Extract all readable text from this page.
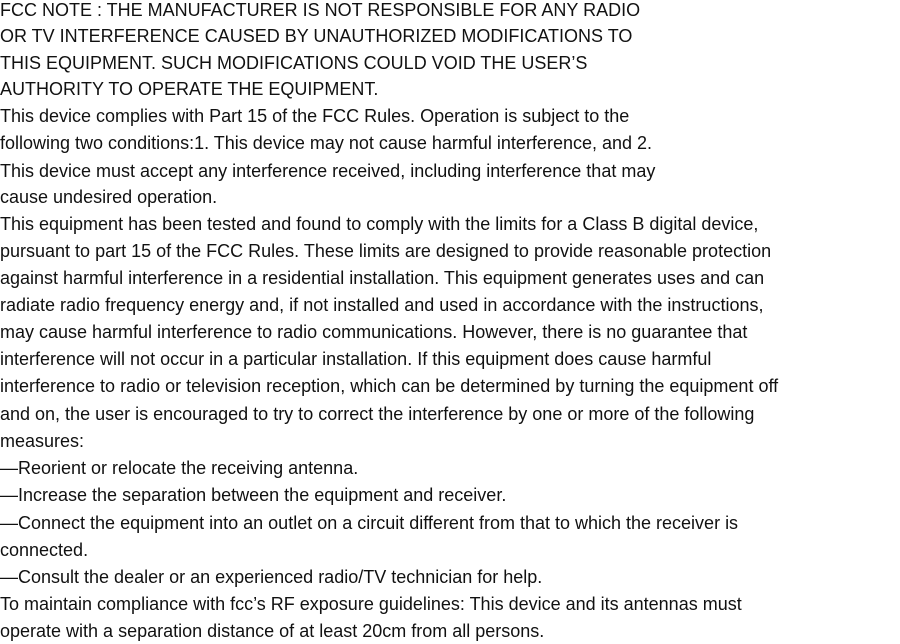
FCC NOTE : THE MANUFACTURER IS NOT RESPONSIBLE FOR ANY RADIO
OR TV INTERFERENCE CAUSED BY UNAUTHORIZED MODIFICATIONS TO
THIS EQUIPMENT. SUCH MODIFICATIONS COULD VOID THE USER’S
AUTHORITY TO OPERATE THE EQUIPMENT.
This device complies with Part 15 of the FCC Rules. Operation is subject to the
following two conditions:1. This device may not cause harmful interference, and 2.
This device must accept any interference received, including interference that may
cause undesired operation.
This equipment has been tested and found to comply with the limits for a Class B digital device,
pursuant to part 15 of the FCC Rules. These limits are designed to provide reasonable protection
against harmful interference in a residential installation. This equipment generates uses and can
radiate radio frequency energy and, if not installed and used in accordance with the instructions,
may cause harmful interference to radio communications. However, there is no guarantee that
interference will not occur in a particular installation. If this equipment does cause harmful
interference to radio or television reception, which can be determined by turning the equipment off
and on, the user is encouraged to try to correct the interference by one or more of the following
measures:
—Reorient or relocate the receiving antenna.
—Increase the separation between the equipment and receiver.
—Connect the equipment into an outlet on a circuit different from that to which the receiver is
connected.
—Consult the dealer or an experienced radio/TV technician for help.
To maintain compliance with fcc’s RF exposure guidelines: This device and its antennas must
operate with a separation distance of at least 20cm from all persons.
